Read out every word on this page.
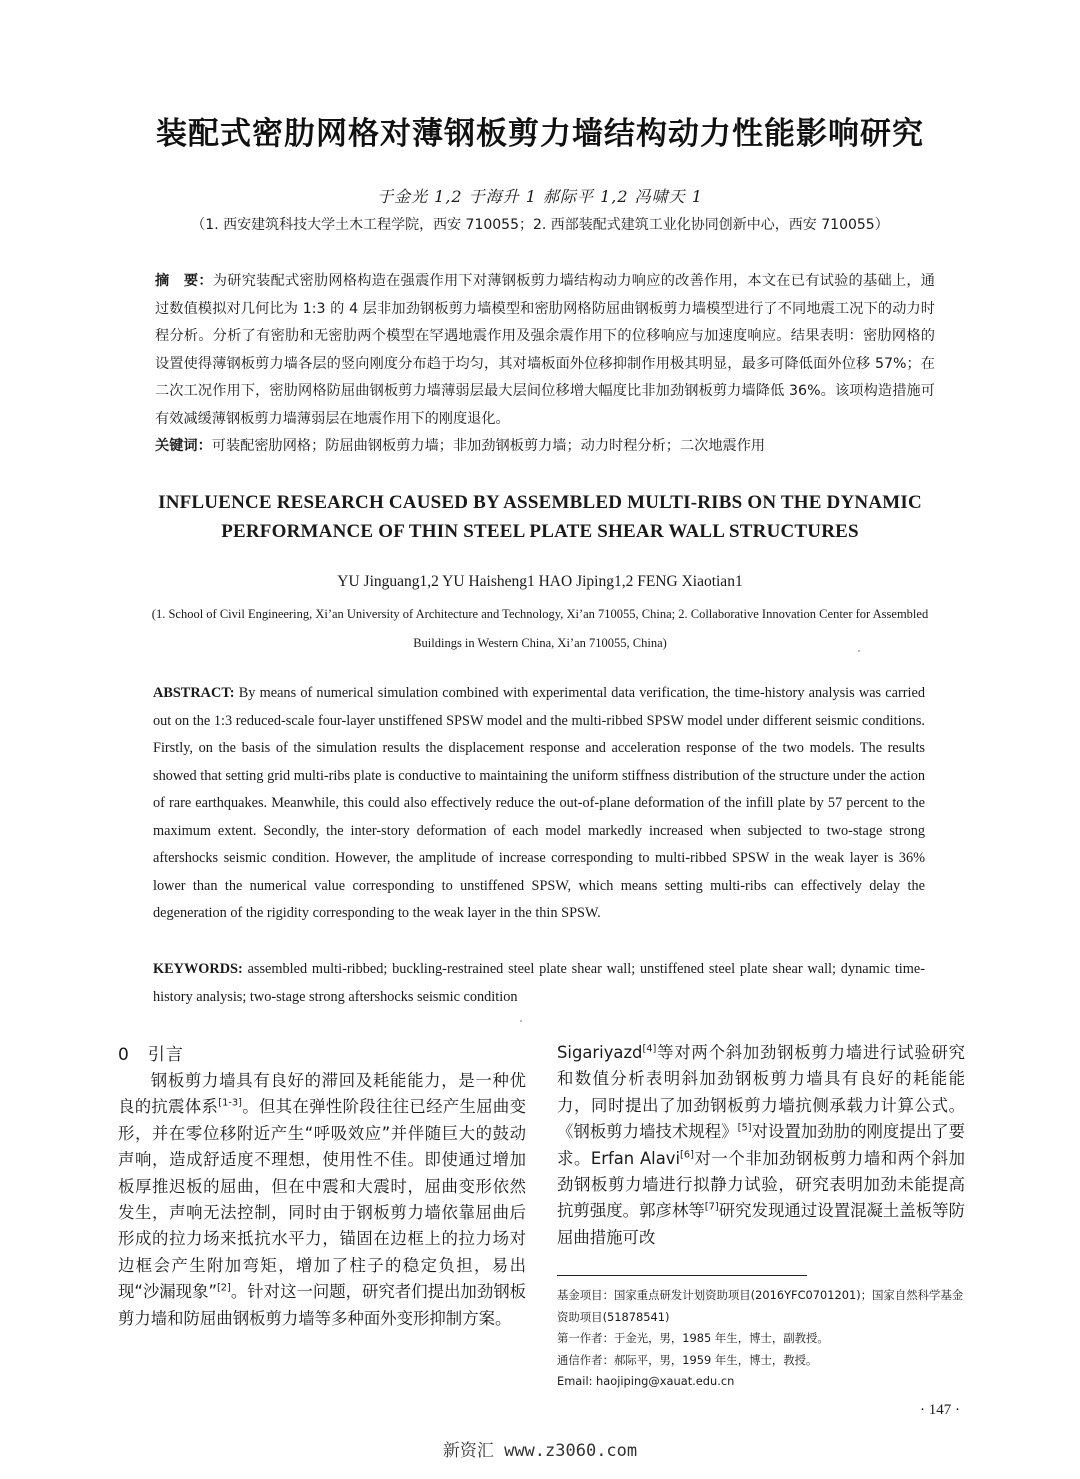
装配式密肋网格对薄钢板剪力墙结构动力性能影响研究
于金光 1,2 于海升 1 郝际平 1,2 冯啸天 1
（1. 西安建筑科技大学土木工程学院，西安 710055；2. 西部装配式建筑工业化协同创新中心，西安 710055）
摘　要：为研究装配式密肋网格构造在强震作用下对薄钢板剪力墙结构动力响应的改善作用，本文在已有试验的基础上，通过数值模拟对几何比为 1:3 的 4 层非加劲钢板剪力墙模型和密肋网格防屈曲钢板剪力墙模型进行了不同地震工况下的动力时程分析。分析了有密肋和无密肋两个模型在罕遇地震作用及强余震作用下的位移响应与加速度响应。结果表明：密肋网格的设置使得薄钢板剪力墙各层的竖向刚度分布趋于均匀，其对墙板面外位移抑制作用极其明显，最多可降低面外位移 57%；在二次工况作用下，密肋网格防屈曲钢板剪力墙薄弱层最大层间位移增大幅度比非加劲钢板剪力墙降低 36%。该项构造措施可有效减缓薄钢板剪力墙薄弱层在地震作用下的刚度退化。
关键词：可装配密肋网格；防屈曲钢板剪力墙；非加劲钢板剪力墙；动力时程分析；二次地震作用
INFLUENCE RESEARCH CAUSED BY ASSEMBLED MULTI-RIBS ON THE DYNAMIC PERFORMANCE OF THIN STEEL PLATE SHEAR WALL STRUCTURES
YU Jinguang1,2 YU Haisheng1 HAO Jiping1,2 FENG Xiaotian1
(1. School of Civil Engineering, Xi’an University of Architecture and Technology, Xi’an 710055, China; 2. Collaborative Innovation Center for Assembled Buildings in Western China, Xi’an 710055, China)
ABSTRACT: By means of numerical simulation combined with experimental data verification, the time-history analysis was carried out on the 1:3 reduced-scale four-layer unstiffened SPSW model and the multi-ribbed SPSW model under different seismic conditions. Firstly, on the basis of the simulation results the displacement response and acceleration response of the two models. The results showed that setting grid multi-ribs plate is conductive to maintaining the uniform stiffness distribution of the structure under the action of rare earthquakes. Meanwhile, this could also effectively reduce the out-of-plane deformation of the infill plate by 57 percent to the maximum extent. Secondly, the inter-story deformation of each model markedly increased when subjected to two-stage strong aftershocks seismic condition. However, the amplitude of increase corresponding to multi-ribbed SPSW in the weak layer is 36% lower than the numerical value corresponding to unstiffened SPSW, which means setting multi-ribs can effectively delay the degeneration of the rigidity corresponding to the weak layer in the thin SPSW.
KEYWORDS: assembled multi-ribbed; buckling-restrained steel plate shear wall; unstiffened steel plate shear wall; dynamic time-history analysis; two-stage strong aftershocks seismic condition
0　引言
钢板剪力墙具有良好的滞回及耗能能力，是一种优良的抗震体系[1-3]。但其在弹性阶段往往已经产生屈曲变形，并在零位移附近产生“呼吸效应”并伴随巨大的鼓动声响，造成舒适度不理想，使用性不佳。即使通过增加板厚推迟板的屈曲，但在中震和大震时，屈曲变形依然发生，声响无法控制，同时由于钢板剪力墙依靠屈曲后形成的拉力场来抵抗水平力，锚固在边框上的拉力场对边框会产生附加弯矩，增加了柱子的稳定负担，易出现“沙漏现象”[2]。针对这一问题，研究者们提出加劲钢板剪力墙和防屈曲钢板剪力墙等多种面外变形抑制方案。
Sigariyazd[4]等对两个斜加劲钢板剪力墙进行试验研究和数值分析表明斜加劲钢板剪力墙具有良好的耗能能力，同时提出了加劲钢板剪力墙抗侧承载力计算公式。《钢板剪力墙技术规程》[5]对设置加劲肋的刚度提出了要求。Erfan Alavi[6]对一个非加劲钢板剪力墙和两个斜加劲钢板剪力墙进行拟静力试验，研究表明加劲未能提高抗剪强度。郭彦林等[7]研究发现通过设置混凝土盖板等防屈曲措施可改
基金项目：国家重点研发计划资助项目(2016YFC0701201)；国家自然科学基金资助项目(51878541)
第一作者：于金光，男，1985 年生，博士，副教授。
通信作者：郝际平，男，1959 年生，博士，教授。
Email: haojiping@xauat.edu.cn
· 147 ·
新资汇 www.z3060.com
